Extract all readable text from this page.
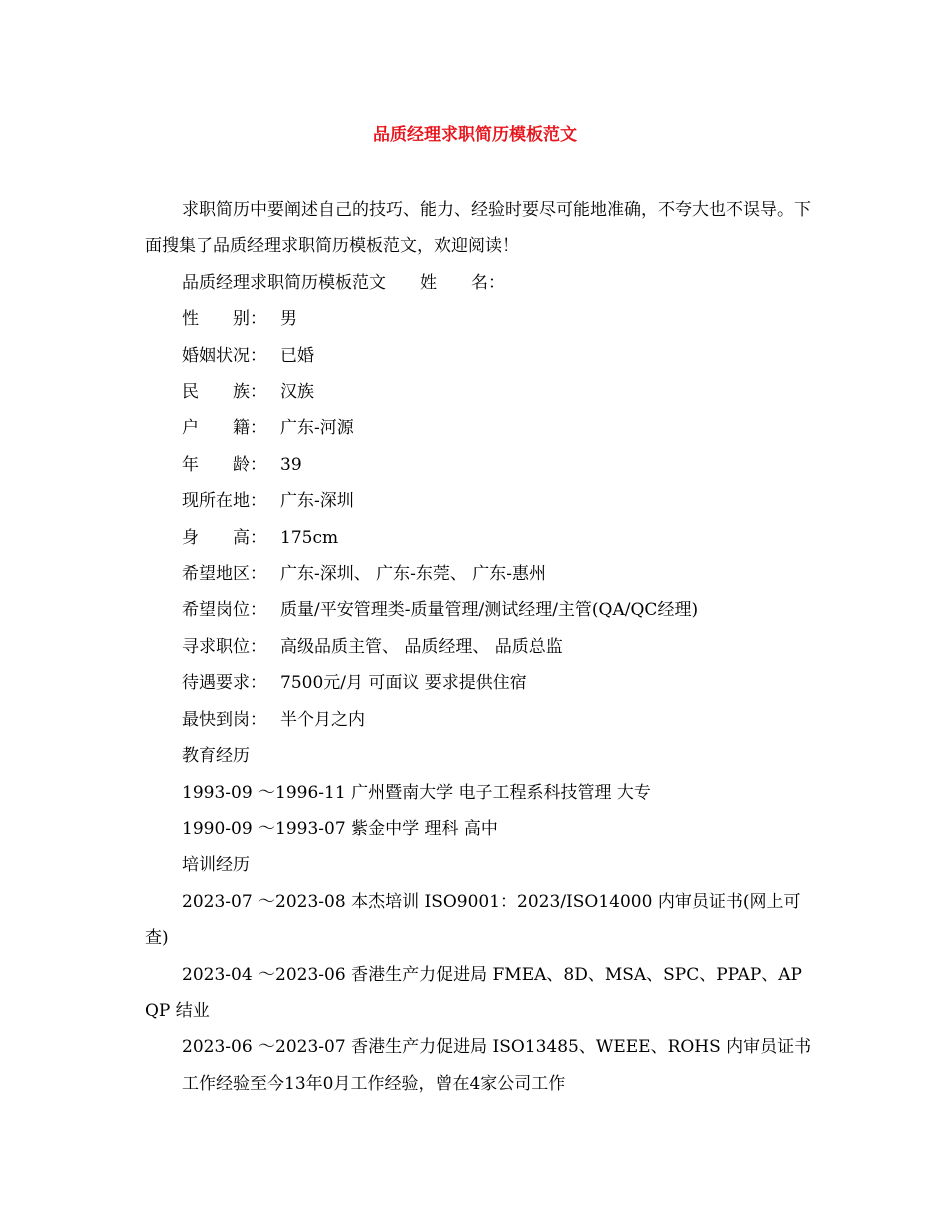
品质经理求职简历模板范文

求职简历中要阐述自己的技巧、能力、经验时要尽可能地准确，不夸大也不误导。下面搜集了品质经理求职简历模板范文，欢迎阅读！

品质经理求职简历模板范文　　姓　　名：

性　　别： 男

婚姻状况： 已婚

民　　族： 汉族

户　　籍： 广东-河源

年　　龄： 39

现所在地： 广东-深圳

身　　高： 175cm

希望地区： 广东-深圳、 广东-东莞、 广东-惠州

希望岗位： 质量/平安管理类-质量管理/测试经理/主管(QA/QC经理)

寻求职位： 高级品质主管、 品质经理、 品质总监

待遇要求： 7500元/月 可面议 要求提供住宿

最快到岗： 半个月之内

教育经历

1993-09 ～1996-11 广州暨南大学 电子工程系科技管理 大专

1990-09 ～1993-07 紫金中学 理科 高中

培训经历

2023-07 ～2023-08 本杰培训 ISO9001：2023/ISO14000 内审员证书(网上可查)

2023-04 ～2023-06 香港生产力促进局 FMEA、8D、MSA、SPC、PPAP、APQP 结业

2023-06 ～2023-07 香港生产力促进局 ISO13485、WEEE、ROHS 内审员证书

工作经验至今13年0月工作经验，曾在4家公司工作
